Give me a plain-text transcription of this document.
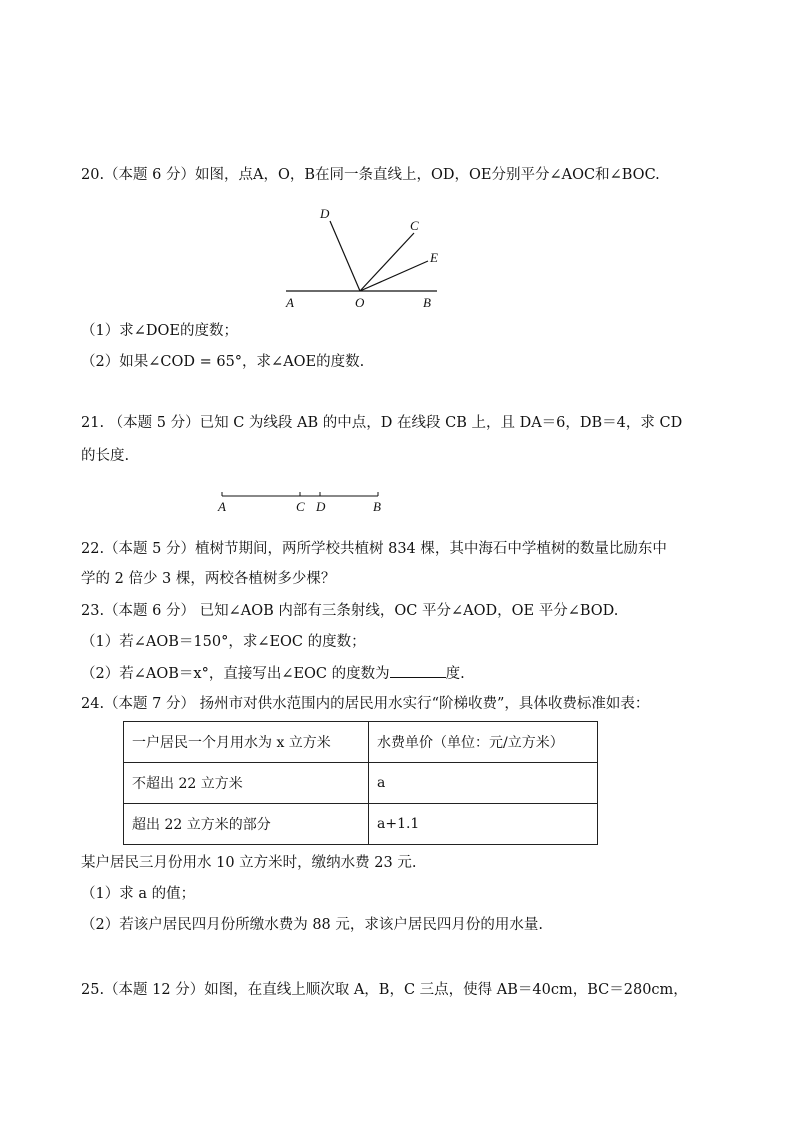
20.（本题 6 分）如图，点A，O，B在同一条直线上，OD，OE分别平分∠AOC和∠BOC.
D
C
E
A	O	B
（1）求∠DOE的度数；
（2）如果∠COD = 65°，求∠AOE的度数.
21. （本题 5 分）已知 C 为线段 AB 的中点，D 在线段 CB 上，且 DA＝6，DB＝4，求 CD
的长度.
A	C D	B
22.（本题 5 分）植树节期间，两所学校共植树 834 棵，其中海石中学植树的数量比励东中
学的 2 倍少 3 棵，两校各植树多少棵？
23.（本题 6 分） 已知∠AOB 内部有三条射线，OC 平分∠AOD，OE 平分∠BOD.
（1）若∠AOB＝150°，求∠EOC 的度数；
（2）若∠AOB＝x°，直接写出∠EOC 的度数为	度.
24.（本题 7 分） 扬州市对供水范围内的居民用水实行“阶梯收费”，具体收费标准如表：
一户居民一个月用水为 x 立方米	水费单价（单位：元/立方米）
不超出 22 立方米	a
超出 22 立方米的部分	a+1.1
某户居民三月份用水 10 立方米时，缴纳水费 23 元.
（1）求 a 的值；
（2）若该户居民四月份所缴水费为 88 元，求该户居民四月份的用水量.
25.（本题 12 分）如图，在直线上顺次取 A，B，C 三点，使得 AB＝40cm，BC＝280cm，
